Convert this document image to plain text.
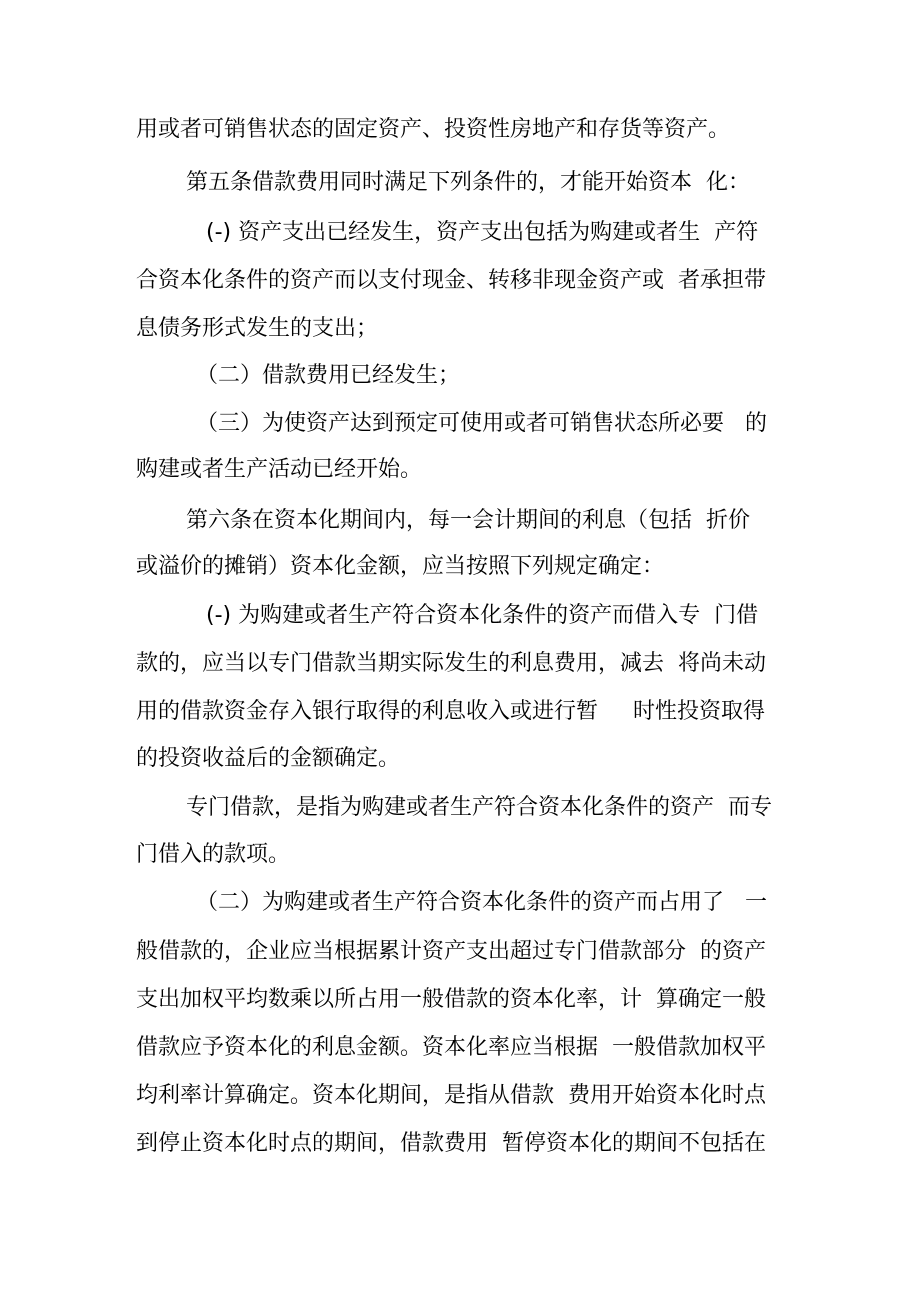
用或者可销售状态的固定资产、投资性房地产和存货等资产。
第五条借款费用同时满足下列条件的，才能开始资本  化：
(-) 资产支出已经发生，资产支出包括为购建或者生  产符
合资本化条件的资产而以支付现金、转移非现金资产或  者承担带
息债务形式发生的支出；
（二）借款费用已经发生；
（三）为使资产达到预定可使用或者可销售状态所必要   的
购建或者生产活动已经开始。
第六条在资本化期间内，每一会计期间的利息（包括  折价
或溢价的摊销）资本化金额，应当按照下列规定确定：
(-) 为购建或者生产符合资本化条件的资产而借入专  门借
款的，应当以专门借款当期实际发生的利息费用，减去  将尚未动
用的借款资金存入银行取得的利息收入或进行暂     时性投资取得
的投资收益后的金额确定。
专门借款，是指为购建或者生产符合资本化条件的资产  而专
门借入的款项。
（二）为购建或者生产符合资本化条件的资产而占用了   一
般借款的，企业应当根据累计资产支出超过专门借款部分  的资产
支出加权平均数乘以所占用一般借款的资本化率，计  算确定一般
借款应予资本化的利息金额。资本化率应当根据  一般借款加权平
均利率计算确定。资本化期间，是指从借款  费用开始资本化时点
到停止资本化时点的期间，借款费用  暂停资本化的期间不包括在
